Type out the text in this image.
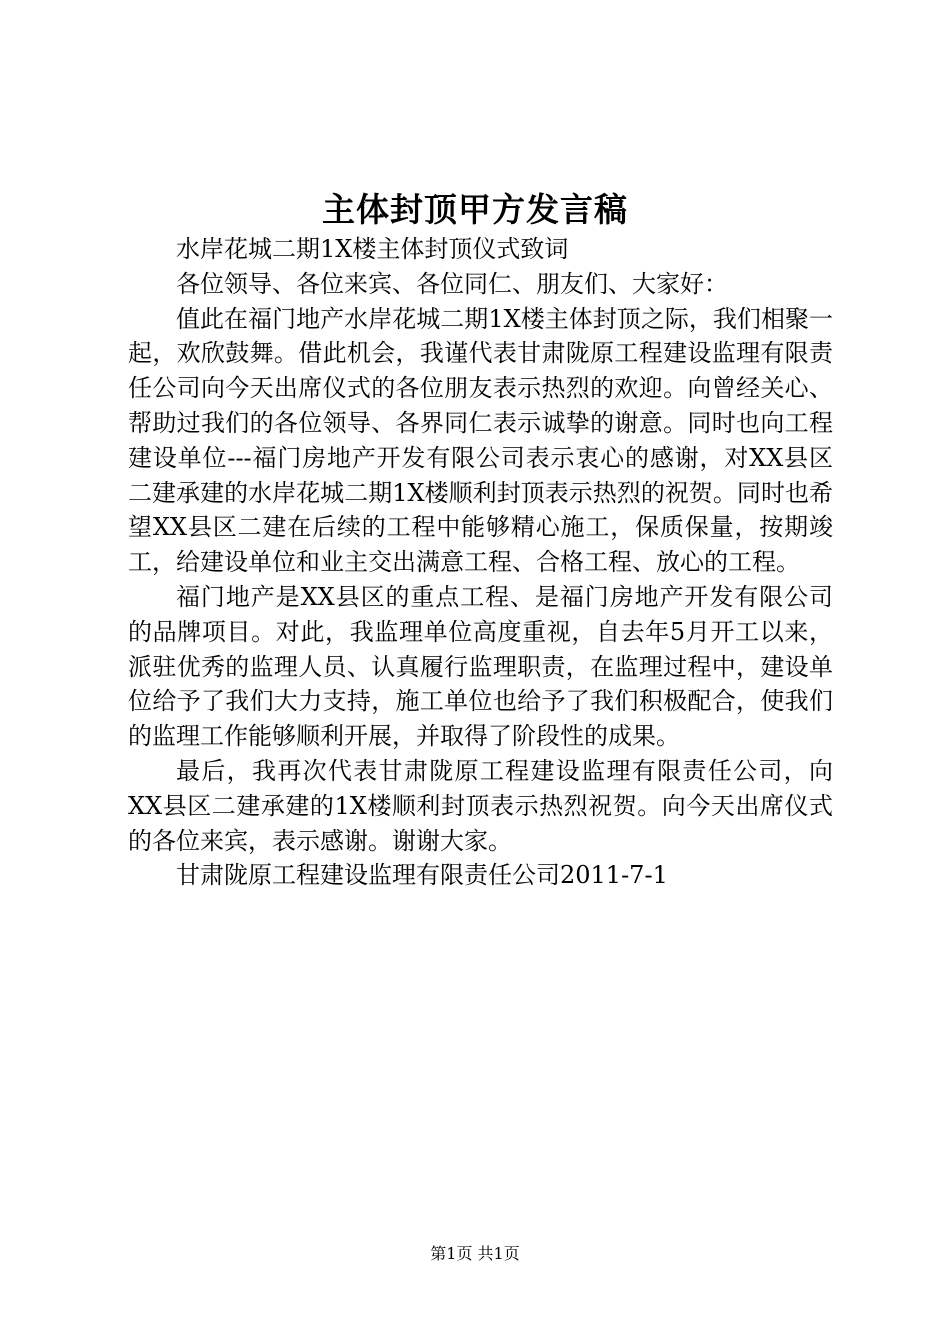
主体封顶甲方发言稿

水岸花城二期1X楼主体封顶仪式致词

各位领导、各位来宾、各位同仁、朋友们、大家好：

值此在福门地产水岸花城二期1X楼主体封顶之际，我们相聚一起，欢欣鼓舞。借此机会，我谨代表甘肃陇原工程建设监理有限责任公司向今天出席仪式的各位朋友表示热烈的欢迎。向曾经关心、帮助过我们的各位领导、各界同仁表示诚挚的谢意。同时也向工程建设单位---福门房地产开发有限公司表示衷心的感谢，对XX县区二建承建的水岸花城二期1X楼顺利封顶表示热烈的祝贺。同时也希望XX县区二建在后续的工程中能够精心施工，保质保量，按期竣工，给建设单位和业主交出满意工程、合格工程、放心的工程。

福门地产是XX县区的重点工程、是福门房地产开发有限公司的品牌项目。对此，我监理单位高度重视，自去年5月开工以来，派驻优秀的监理人员、认真履行监理职责，在监理过程中，建设单位给予了我们大力支持，施工单位也给予了我们积极配合，使我们的监理工作能够顺利开展，并取得了阶段性的成果。

最后，我再次代表甘肃陇原工程建设监理有限责任公司，向XX县区二建承建的1X楼顺利封顶表示热烈祝贺。向今天出席仪式的各位来宾，表示感谢。谢谢大家。

甘肃陇原工程建设监理有限责任公司2011-7-1

第1页 共1页
